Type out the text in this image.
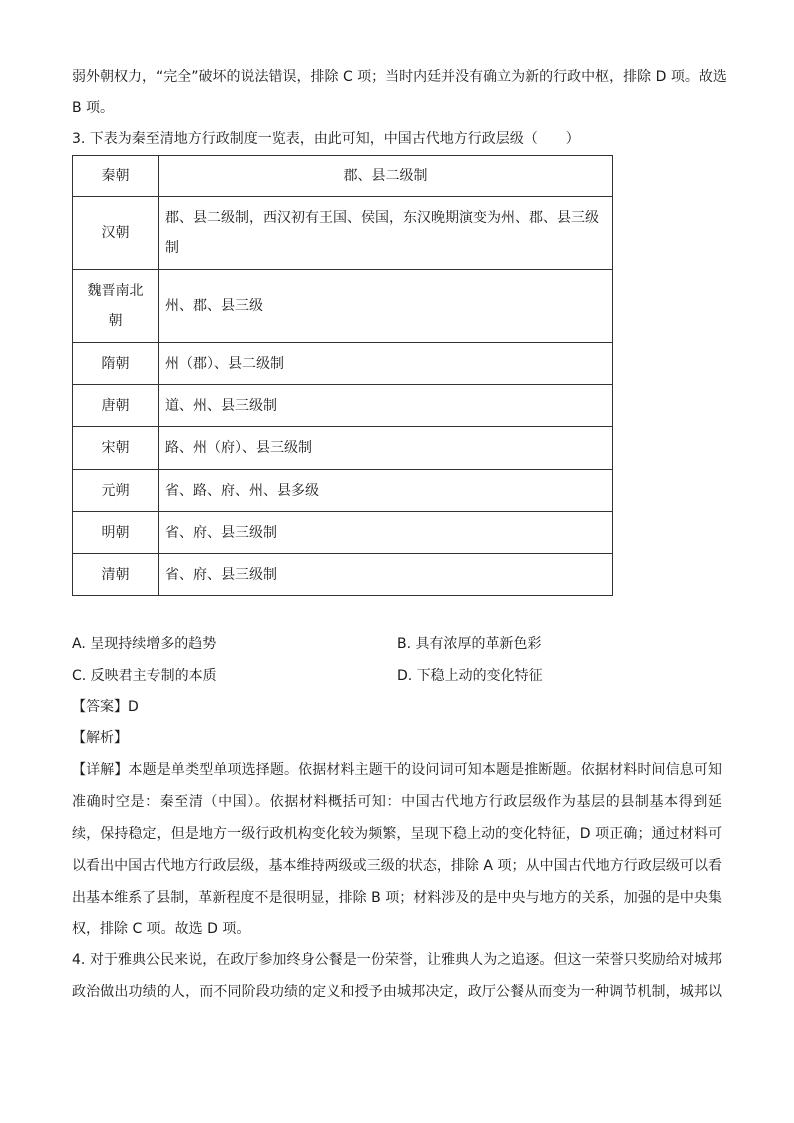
弱外朝权力，“完全”破坏的说法错误，排除 C 项；当时内廷并没有确立为新的行政中枢，排除 D 项。故选
B 项。
3. 下表为秦至清地方行政制度一览表，由此可知，中国古代地方行政层级（　　）
秦朝	郡、县二级制
汉朝	郡、县二级制，西汉初有王国、侯国，东汉晚期演变为州、郡、县三级制
魏晋南北朝	州、郡、县三级
隋朝	州（郡）、县二级制
唐朝	道、州、县三级制
宋朝	路、州（府）、县三级制
元朔	省、路、府、州、县多级
明朝	省、府、县三级制
清朝	省、府、县三级制
A. 呈现持续增多的趋势	B. 具有浓厚的革新色彩
C. 反映君主专制的本质	D. 下稳上动的变化特征
【答案】D
【解析】
【详解】本题是单类型单项选择题。依据材料主题干的设问词可知本题是推断题。依据材料时间信息可知
准确时空是：秦至清（中国）。依据材料概括可知：中国古代地方行政层级作为基层的县制基本得到延
续，保持稳定，但是地方一级行政机构变化较为频繁，呈现下稳上动的变化特征，D 项正确；通过材料可
以看出中国古代地方行政层级，基本维持两级或三级的状态，排除 A 项；从中国古代地方行政层级可以看
出基本维系了县制，革新程度不是很明显，排除 B 项；材料涉及的是中央与地方的关系，加强的是中央集
权，排除 C 项。故选 D 项。
4. 对于雅典公民来说，在政厅参加终身公餐是一份荣誉，让雅典人为之追逐。但这一荣誉只奖励给对城邦
政治做出功绩的人，而不同阶段功绩的定义和授予由城邦决定，政厅公餐从而变为一种调节机制，城邦以
